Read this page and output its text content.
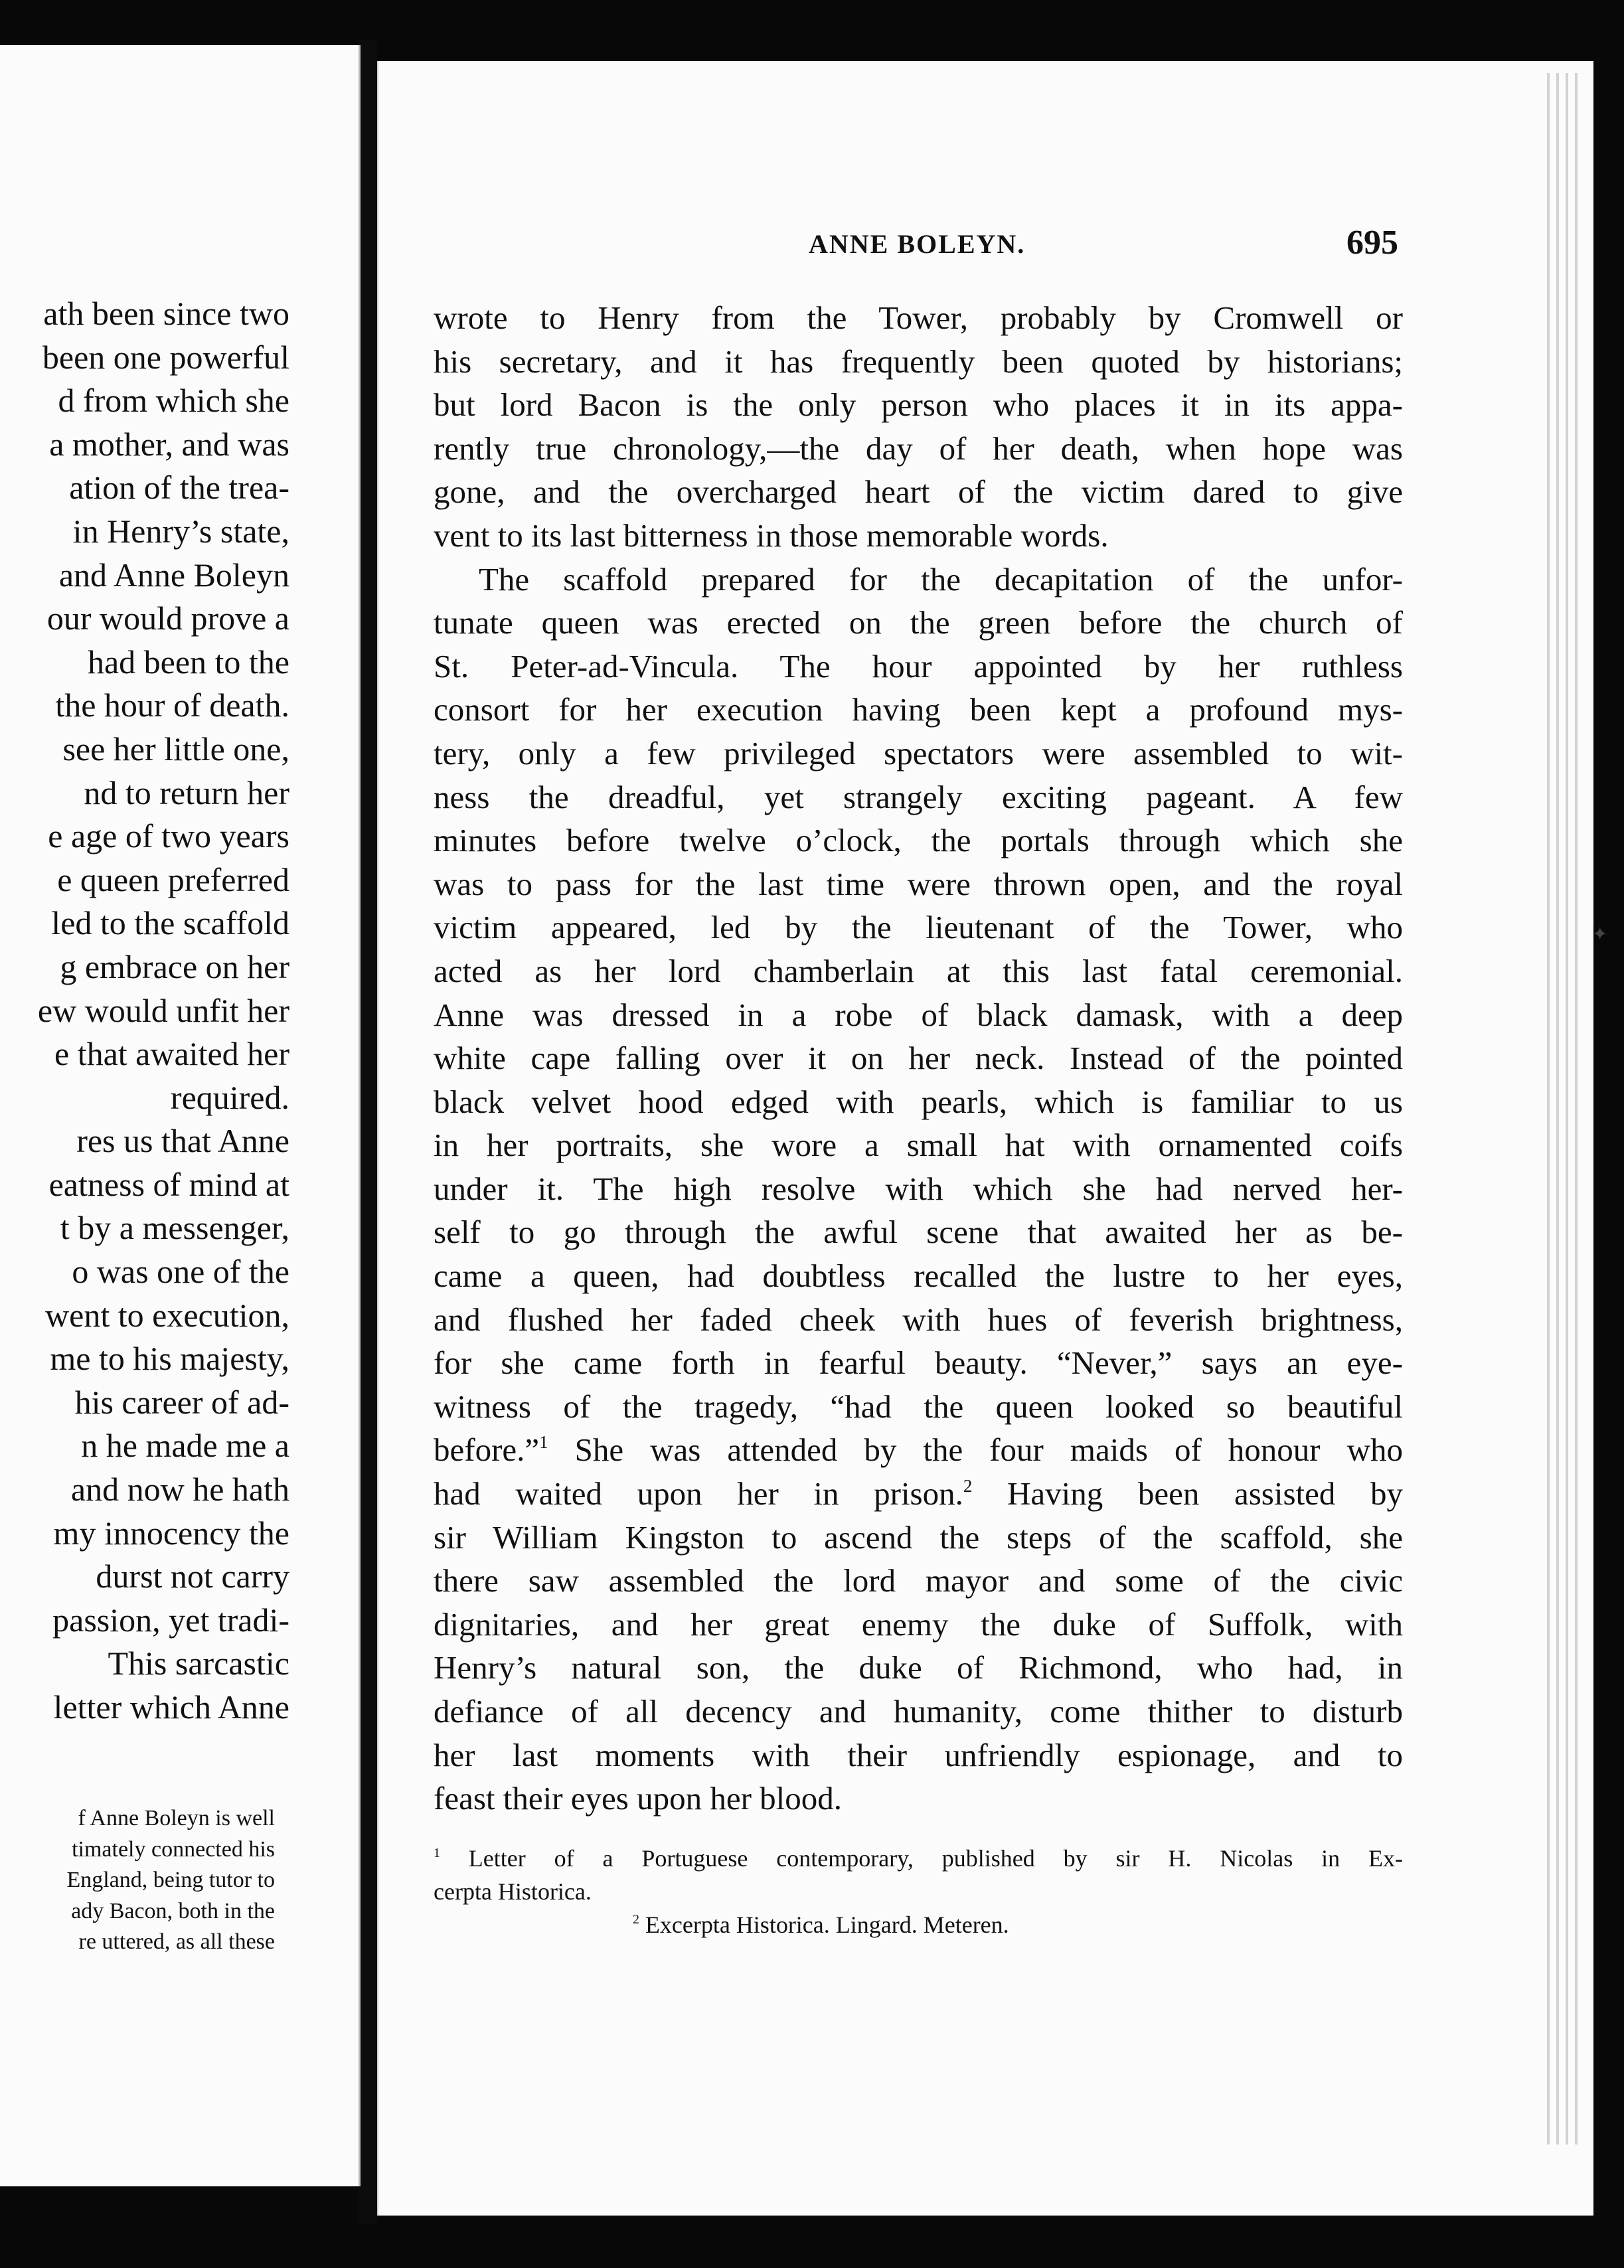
ath been since two
been one powerful
d from which she
a mother, and was
ation of the trea-
in Henry’s state,
and Anne Boleyn
our would prove a
had been to the
the hour of death.
see her little one,
nd to return her
e age of two years
e queen preferred
led to the scaffold
g embrace on her
ew would unfit her
e that awaited her
required.
res us that Anne
eatness of mind at
t by a messenger,
o was one of the
went to execution,
me to his majesty,
his career of ad-
n he made me a
and now he hath
my innocency the
durst not carry
passion, yet tradi-
This sarcastic
letter which Anne
f Anne Boleyn is well
timately connected his
England, being tutor to
ady Bacon, both in the
re uttered, as all these
ANNE BOLEYN.	695
wrote to Henry from the Tower, probably by Cromwell or
his secretary, and it has frequently been quoted by historians;
but lord Bacon is the only person who places it in its appa-
rently true chronology,—the day of her death, when hope was
gone, and the overcharged heart of the victim dared to give
vent to its last bitterness in those memorable words.
The scaffold prepared for the decapitation of the unfor-
tunate queen was erected on the green before the church of
St. Peter-ad-Vincula. The hour appointed by her ruthless
consort for her execution having been kept a profound mys-
tery, only a few privileged spectators were assembled to wit-
ness the dreadful, yet strangely exciting pageant. A few
minutes before twelve o’clock, the portals through which she
was to pass for the last time were thrown open, and the royal
victim appeared, led by the lieutenant of the Tower, who
acted as her lord chamberlain at this last fatal ceremonial.
Anne was dressed in a robe of black damask, with a deep
white cape falling over it on her neck. Instead of the pointed
black velvet hood edged with pearls, which is familiar to us
in her portraits, she wore a small hat with ornamented coifs
under it. The high resolve with which she had nerved her-
self to go through the awful scene that awaited her as be-
came a queen, had doubtless recalled the lustre to her eyes,
and flushed her faded cheek with hues of feverish brightness,
for she came forth in fearful beauty. “Never,” says an eye-
witness of the tragedy, “had the queen looked so beautiful
before.”$^1$ She was attended by the four maids of honour who
had waited upon her in prison.$^2$ Having been assisted by
sir William Kingston to ascend the steps of the scaffold, she
there saw assembled the lord mayor and some of the civic
dignitaries, and her great enemy the duke of Suffolk, with
Henry’s natural son, the duke of Richmond, who had, in
defiance of all decency and humanity, come thither to disturb
her last moments with their unfriendly espionage, and to
feast their eyes upon her blood.
$^1$ Letter of a Portuguese contemporary, published by sir H. Nicolas in Ex-
cerpta Historica.
$^2$ Excerpta Historica. Lingard. Meteren.
✦
